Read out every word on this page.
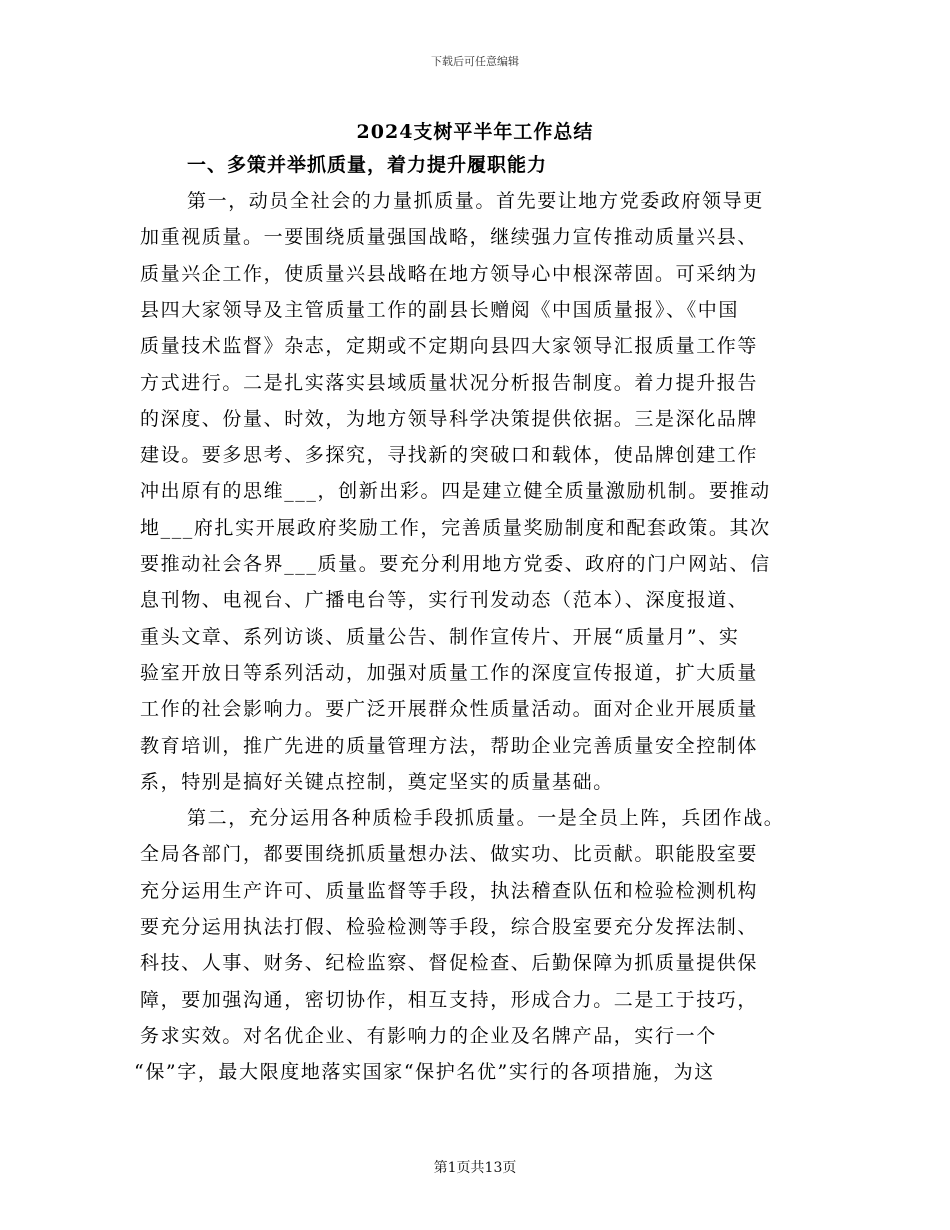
下载后可任意编辑
2024支树平半年工作总结
一、多策并举抓质量，着力提升履职能力
第一，动员全社会的力量抓质量。首先要让地方党委政府领导更
加重视质量。一要围绕质量强国战略，继续强力宣传推动质量兴县、
质量兴企工作，使质量兴县战略在地方领导心中根深蒂固。可采纳为
县四大家领导及主管质量工作的副县长赠阅《中国质量报》、《中国
质量技术监督》杂志，定期或不定期向县四大家领导汇报质量工作等
方式进行。二是扎实落实县域质量状况分析报告制度。着力提升报告
的深度、份量、时效，为地方领导科学决策提供依据。三是深化品牌
建设。要多思考、多探究，寻找新的突破口和载体，使品牌创建工作
冲出原有的思维___，创新出彩。四是建立健全质量激励机制。要推动
地___府扎实开展政府奖励工作，完善质量奖励制度和配套政策。其次
要推动社会各界___质量。要充分利用地方党委、政府的门户网站、信
息刊物、电视台、广播电台等，实行刊发动态（范本）、深度报道、
重头文章、系列访谈、质量公告、制作宣传片、开展“质量月”、实
验室开放日等系列活动，加强对质量工作的深度宣传报道，扩大质量
工作的社会影响力。要广泛开展群众性质量活动。面对企业开展质量
教育培训，推广先进的质量管理方法，帮助企业完善质量安全控制体
系，特别是搞好关键点控制，奠定坚实的质量基础。
第二，充分运用各种质检手段抓质量。一是全员上阵，兵团作战。
全局各部门，都要围绕抓质量想办法、做实功、比贡献。职能股室要
充分运用生产许可、质量监督等手段，执法稽查队伍和检验检测机构
要充分运用执法打假、检验检测等手段，综合股室要充分发挥法制、
科技、人事、财务、纪检监察、督促检查、后勤保障为抓质量提供保
障，要加强沟通，密切协作，相互支持，形成合力。二是工于技巧，
务求实效。对名优企业、有影响力的企业及名牌产品，实行一个
“保”字，最大限度地落实国家“保护名优”实行的各项措施，为这
第1页共13页
